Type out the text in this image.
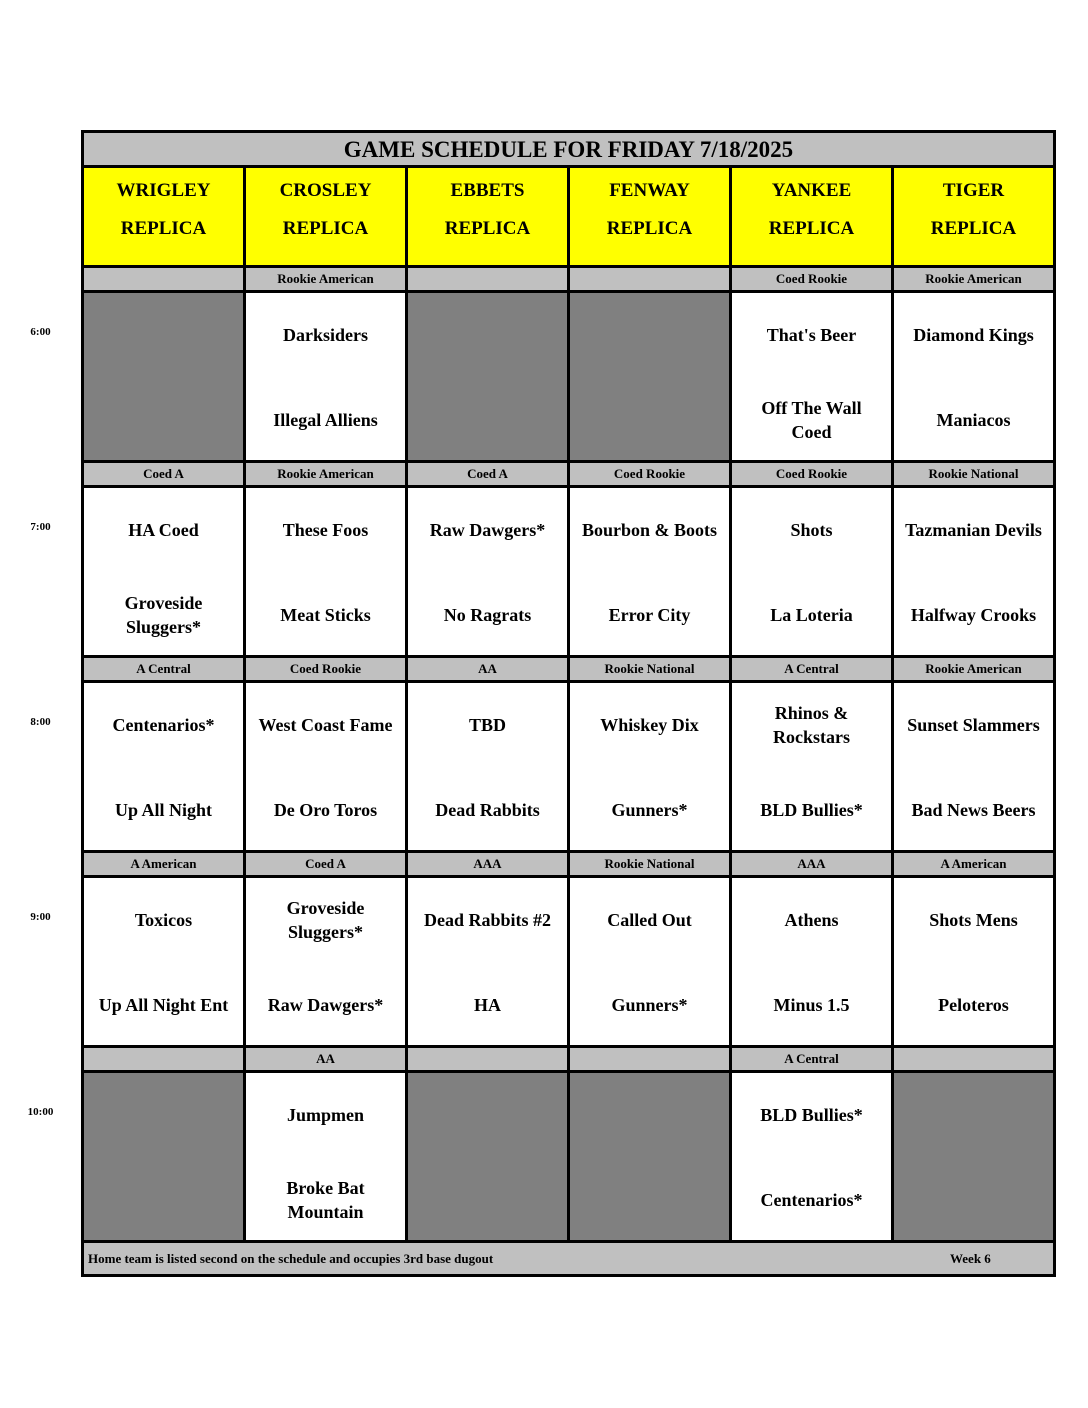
6:00
7:00
8:00
9:00
10:00
GAME SCHEDULE FOR FRIDAY 7/18/2025
WRIGLEY
REPLICA
CROSLEY
REPLICA
EBBETS
REPLICA
FENWAY
REPLICA
YANKEE
REPLICA
TIGER
REPLICA
Rookie American
Darksiders
Illegal Alliens
Coed Rookie
That's Beer
Off The Wall
Coed
Rookie American
Diamond Kings
Maniacos
Coed A
HA Coed
Groveside
Sluggers*
Rookie American
These Foos
Meat Sticks
Coed A
Raw Dawgers*
No Ragrats
Coed Rookie
Bourbon & Boots
Error City
Coed Rookie
Shots
La Loteria
Rookie National
Tazmanian Devils
Halfway Crooks
A Central
Centenarios*
Up All Night
Coed Rookie
West Coast Fame
De Oro Toros
AA
TBD
Dead Rabbits
Rookie National
Whiskey Dix
Gunners*
A Central
Rhinos &
Rockstars
BLD Bullies*
Rookie American
Sunset Slammers
Bad News Beers
A American
Toxicos
Up All Night Ent
Coed A
Groveside
Sluggers*
Raw Dawgers*
AAA
Dead Rabbits #2
HA
Rookie National
Called Out
Gunners*
AAA
Athens
Minus 1.5
A American
Shots Mens
Peloteros
AA
Jumpmen
Broke Bat
Mountain
A Central
BLD Bullies*
Centenarios*
Home team is listed second on the schedule and occupies 3rd base dugout	Week 6
